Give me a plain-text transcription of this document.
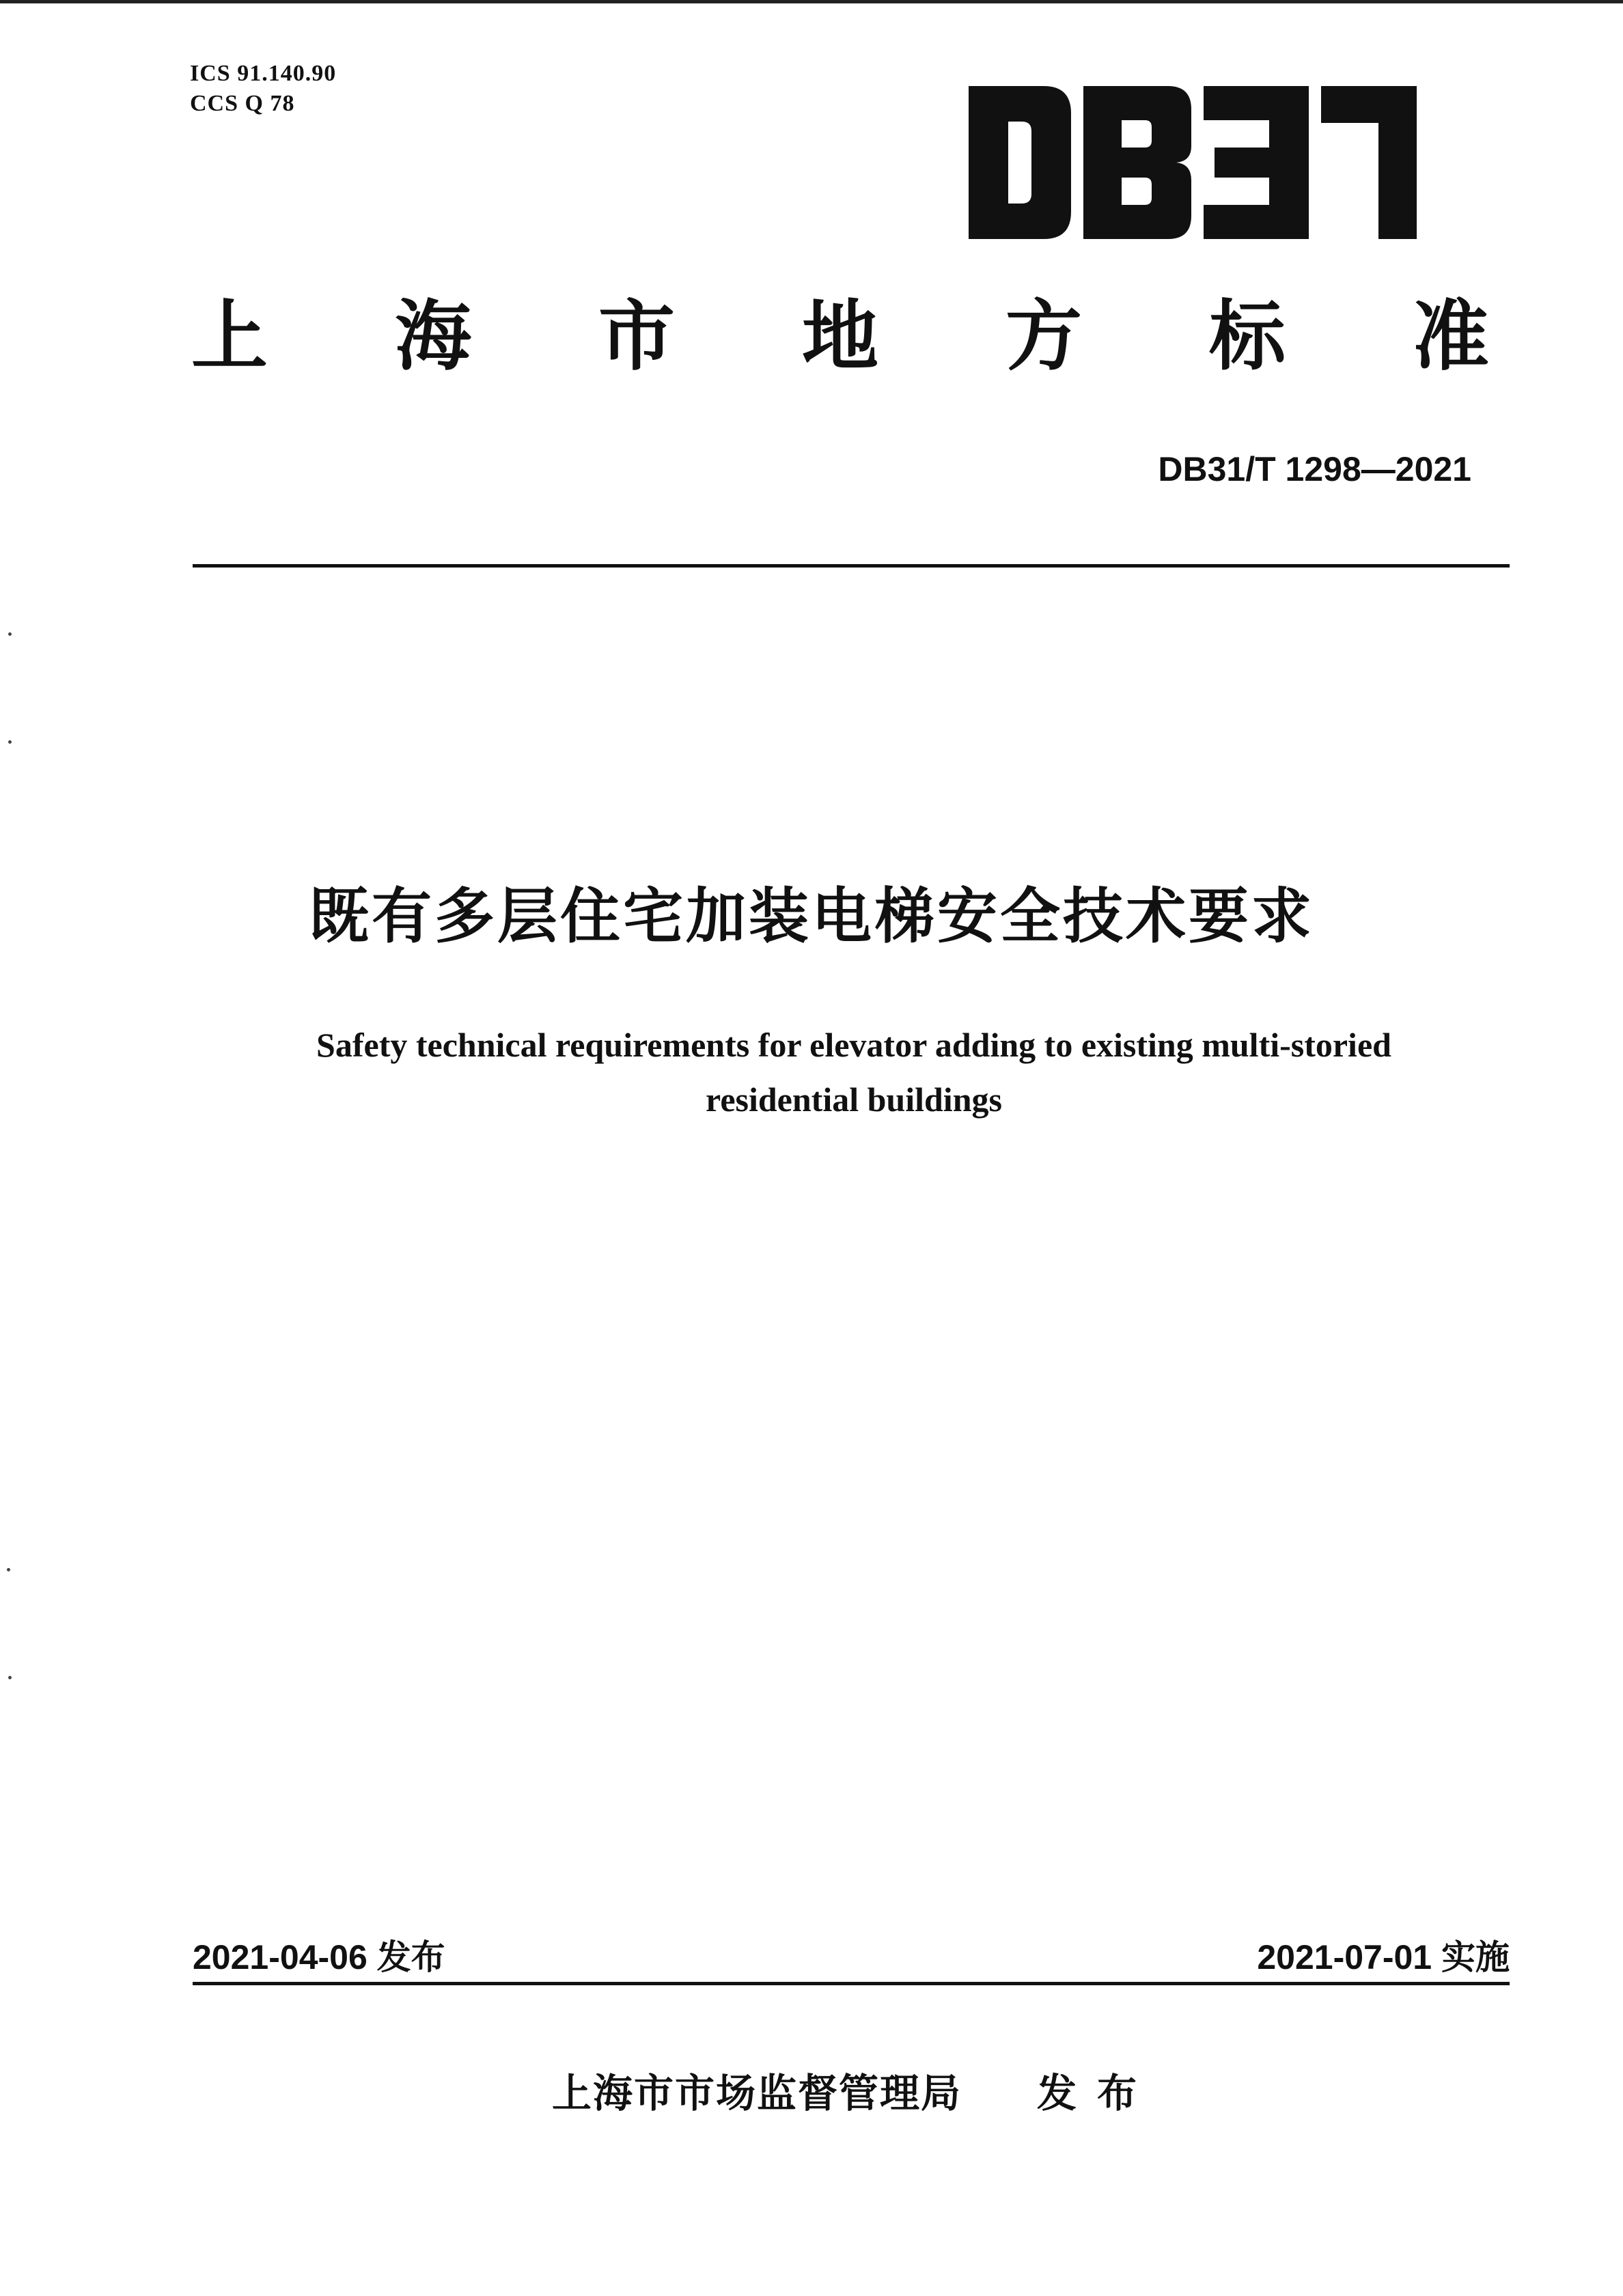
ICS 91.140.90
CCS Q 78
上 海 市 地 方 标 准
DB31/T 1298—2021
既有多层住宅加装电梯安全技术要求
Safety technical requirements for elevator adding to existing multi-storied
residential buildings
2021-04-06 发布	2021-07-01 实施
上海市市场监督管理局 发布
